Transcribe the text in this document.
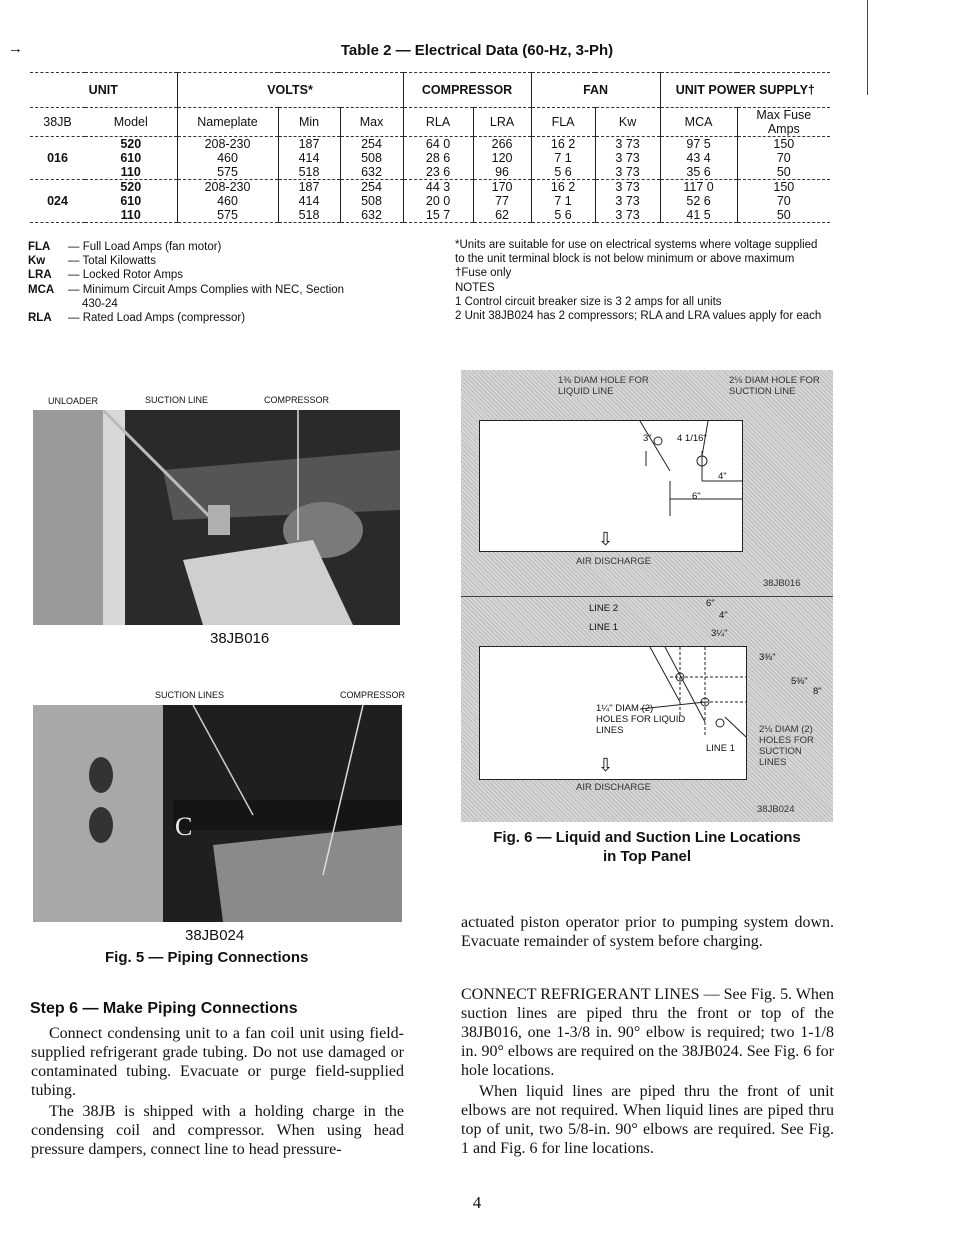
→	Table 2 — Electrical Data (60-Hz, 3-Ph)
UNIT		VOLTS*			COMPRESSOR		FAN		UNIT POWER SUPPLY†	
38JB	Model	Nameplate	Min	Max	RLA	LRA	FLA	Kw	MCA	Max Fuse Amps
	520	208-230	187	254	64 0	266	16 2	3 73	97 5	150
016	610	460	414	508	28 6	120	7 1	3 73	43 4	70
	110	575	518	632	23 6	96	5 6	3 73	35 6	50
	520	208-230	187	254	44 3	170	16 2	3 73	117 0	150
024	610	460	414	508	20 0	77	7 1	3 73	52 6	70
	110	575	518	632	15 7	62	5 6	3 73	41 5	50
FLA — Full Load Amps (fan motor)
Kw — Total Kilowatts
LRA — Locked Rotor Amps
MCA — Minimum Circuit Amps Complies with NEC, Section
430-24
RLA — Rated Load Amps (compressor)
*Units are suitable for use on electrical systems where voltage supplied to the unit terminal block is not below minimum or above maximum
†Fuse only
NOTES
1 Control circuit breaker size is 3 2 amps for all units
2 Unit 38JB024 has 2 compressors; RLA and LRA values apply for each
UNLOADER	SUCTION LINE	COMPRESSOR
38JB016
SUCTION LINES	COMPRESSOR
C
38JB024
Fig. 5 — Piping Connections
1⅜ DIAM HOLE FOR LIQUID LINE
2⅛ DIAM HOLE FOR SUCTION LINE
3"	4 1/16"
4"
6"
⇩
AIR DISCHARGE
38JB016
LINE 2
LINE 1
6"
4"
3¼"
3⅜"
5⅜"
8"
1¼" DIAM (2) HOLES FOR LIQUID LINES
LINE 1
⇩
2⅛ DIAM (2) HOLES FOR SUCTION LINES
AIR DISCHARGE
38JB024
Fig. 6 — Liquid and Suction Line Locations
in Top Panel
Step 6 — Make Piping Connections
Connect condensing unit to a fan coil unit using field-supplied refrigerant grade tubing. Do not use damaged or contaminated tubing. Evacuate or purge field-supplied tubing.
The 38JB is shipped with a holding charge in the condensing coil and compressor. When using head pressure dampers, connect line to head pressure-
actuated piston operator prior to pumping system down. Evacuate remainder of system before charging.
CONNECT REFRIGERANT LINES — See Fig. 5. When suction lines are piped thru the front or top of the 38JB016, one 1-3/8 in. 90° elbow is required; two 1-1/8 in. 90° elbows are required on the 38JB024. See Fig. 6 for hole locations.
When liquid lines are piped thru the front of unit elbows are not required. When liquid lines are piped thru top of unit, two 5/8-in. 90° elbows are required. See Fig. 1 and Fig. 6 for line locations.
4
